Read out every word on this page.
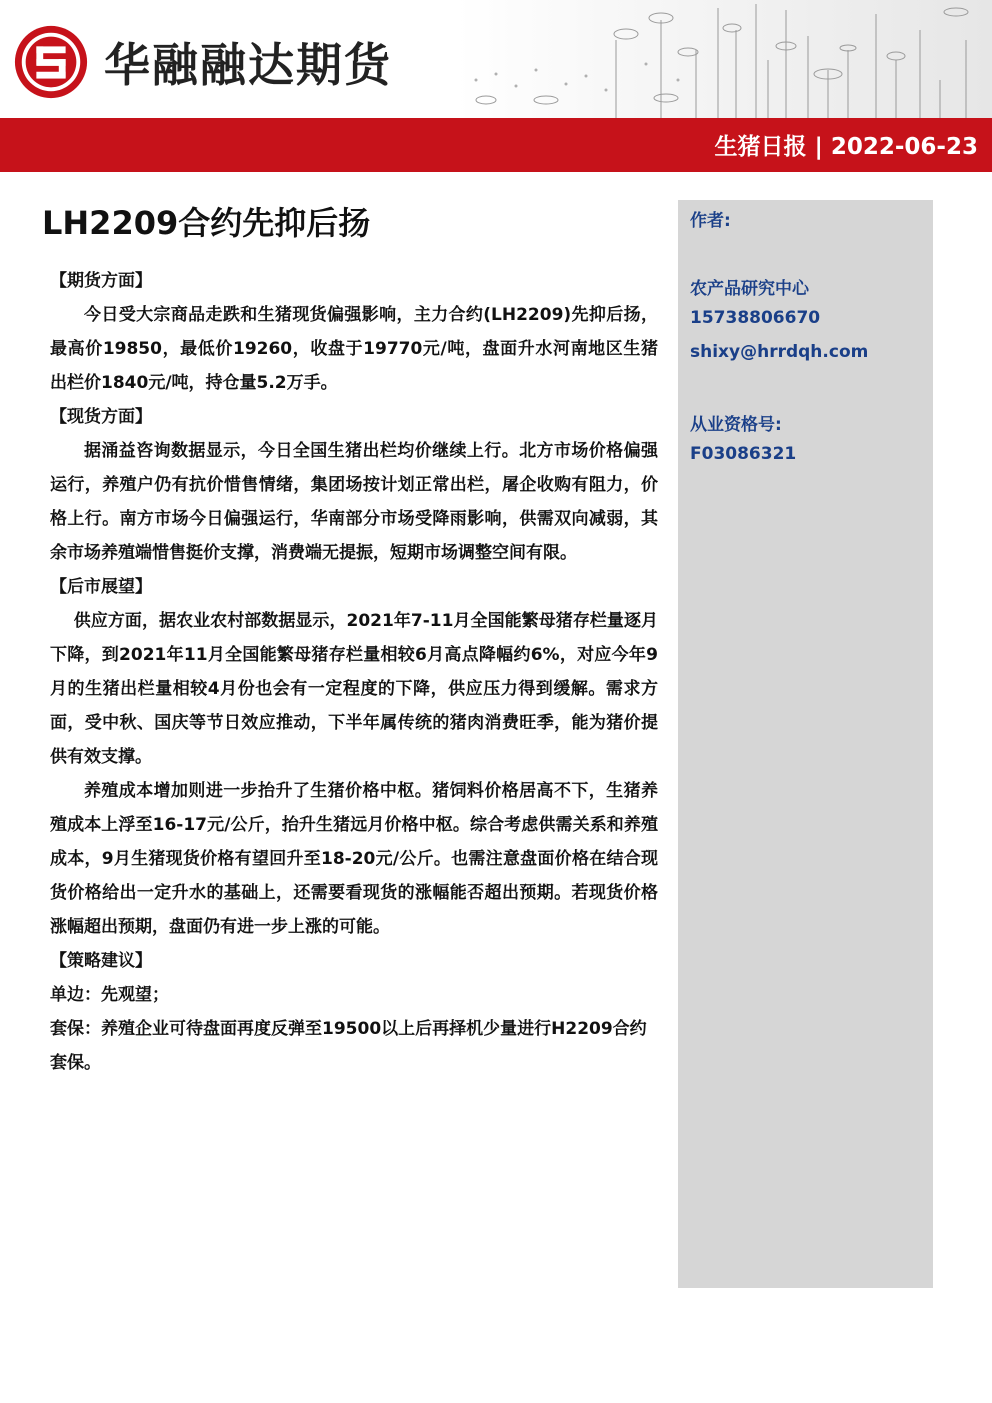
华融融达期货
生猪日报 | 2022-06-23
LH2209合约先抑后扬

【期货方面】

今日受大宗商品走跌和生猪现货偏强影响，主力合约(LH2209)先抑后扬，最高价19850，最低价19260，收盘于19770元/吨，盘面升水河南地区生猪出栏价1840元/吨，持仓量5.2万手。

【现货方面】

据涌益咨询数据显示，今日全国生猪出栏均价继续上行。北方市场价格偏强运行，养殖户仍有抗价惜售情绪，集团场按计划正常出栏，屠企收购有阻力，价格上行。南方市场今日偏强运行，华南部分市场受降雨影响，供需双向减弱，其余市场养殖端惜售挺价支撑，消费端无提振，短期市场调整空间有限。

【后市展望】

供应方面，据农业农村部数据显示，2021年7-11月全国能繁母猪存栏量逐月下降，到2021年11月全国能繁母猪存栏量相较6月高点降幅约6%，对应今年9月的生猪出栏量相较4月份也会有一定程度的下降，供应压力得到缓解。需求方面，受中秋、国庆等节日效应推动，下半年属传统的猪肉消费旺季，能为猪价提供有效支撑。

养殖成本增加则进一步抬升了生猪价格中枢。猪饲料价格居高不下，生猪养殖成本上浮至16-17元/公斤，抬升生猪远月价格中枢。综合考虑供需关系和养殖成本，9月生猪现货价格有望回升至18-20元/公斤。也需注意盘面价格在结合现货价格给出一定升水的基础上，还需要看现货的涨幅能否超出预期。若现货价格涨幅超出预期，盘面仍有进一步上涨的可能。

【策略建议】

单边：先观望；

套保：养殖企业可待盘面再度反弹至19500以上后再择机少量进行H2209合约套保。

作者:
农产品研究中心
15738806670
shixy@hrrdqh.com
从业资格号:
F03086321
